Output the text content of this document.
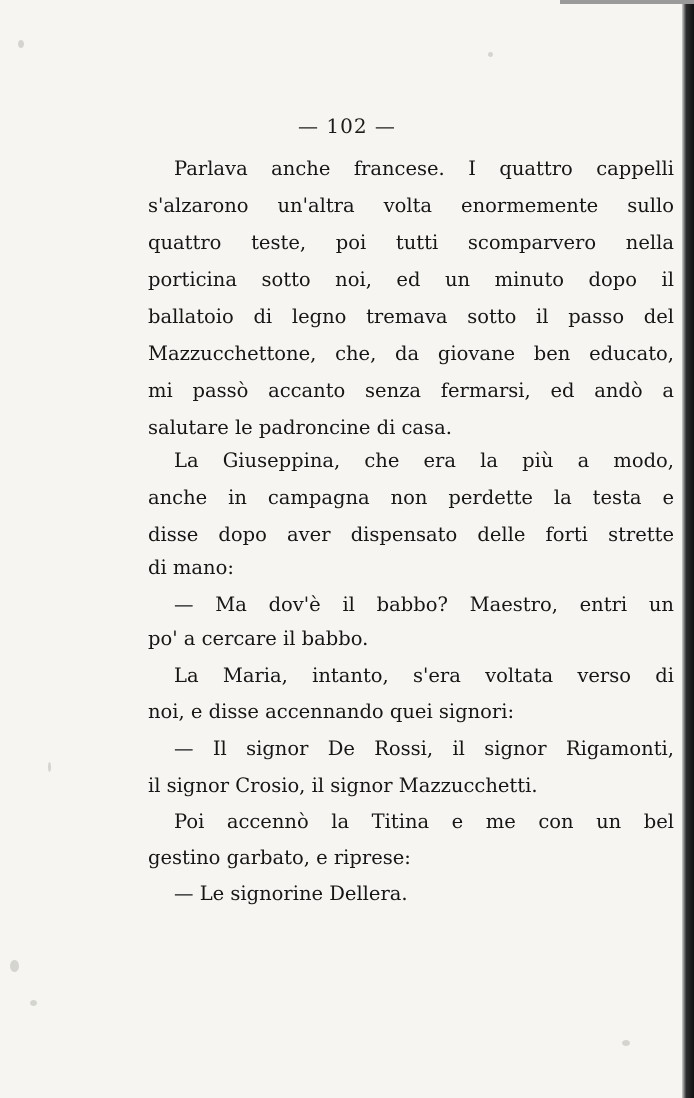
— 102 —
Parlava anche francese. I quattro cappelli
s'alzarono un'altra volta enormemente sullo
quattro teste, poi tutti scomparvero nella
porticina sotto noi, ed un minuto dopo il
ballatoio di legno tremava sotto il passo del
Mazzucchettone, che, da giovane ben educato,
mi passò accanto senza fermarsi, ed andò a
salutare le padroncine di casa.
La Giuseppina, che era la più a modo,
anche in campagna non perdette la testa e
disse dopo aver dispensato delle forti strette
di mano:
— Ma dov'è il babbo? Maestro, entri un
po' a cercare il babbo.
La Maria, intanto, s'era voltata verso di
noi, e disse accennando quei signori:
— Il signor De Rossi, il signor Rigamonti,
il signor Crosio, il signor Mazzucchetti.
Poi accennò la Titina e me con un bel
gestino garbato, e riprese:
— Le signorine Dellera.
